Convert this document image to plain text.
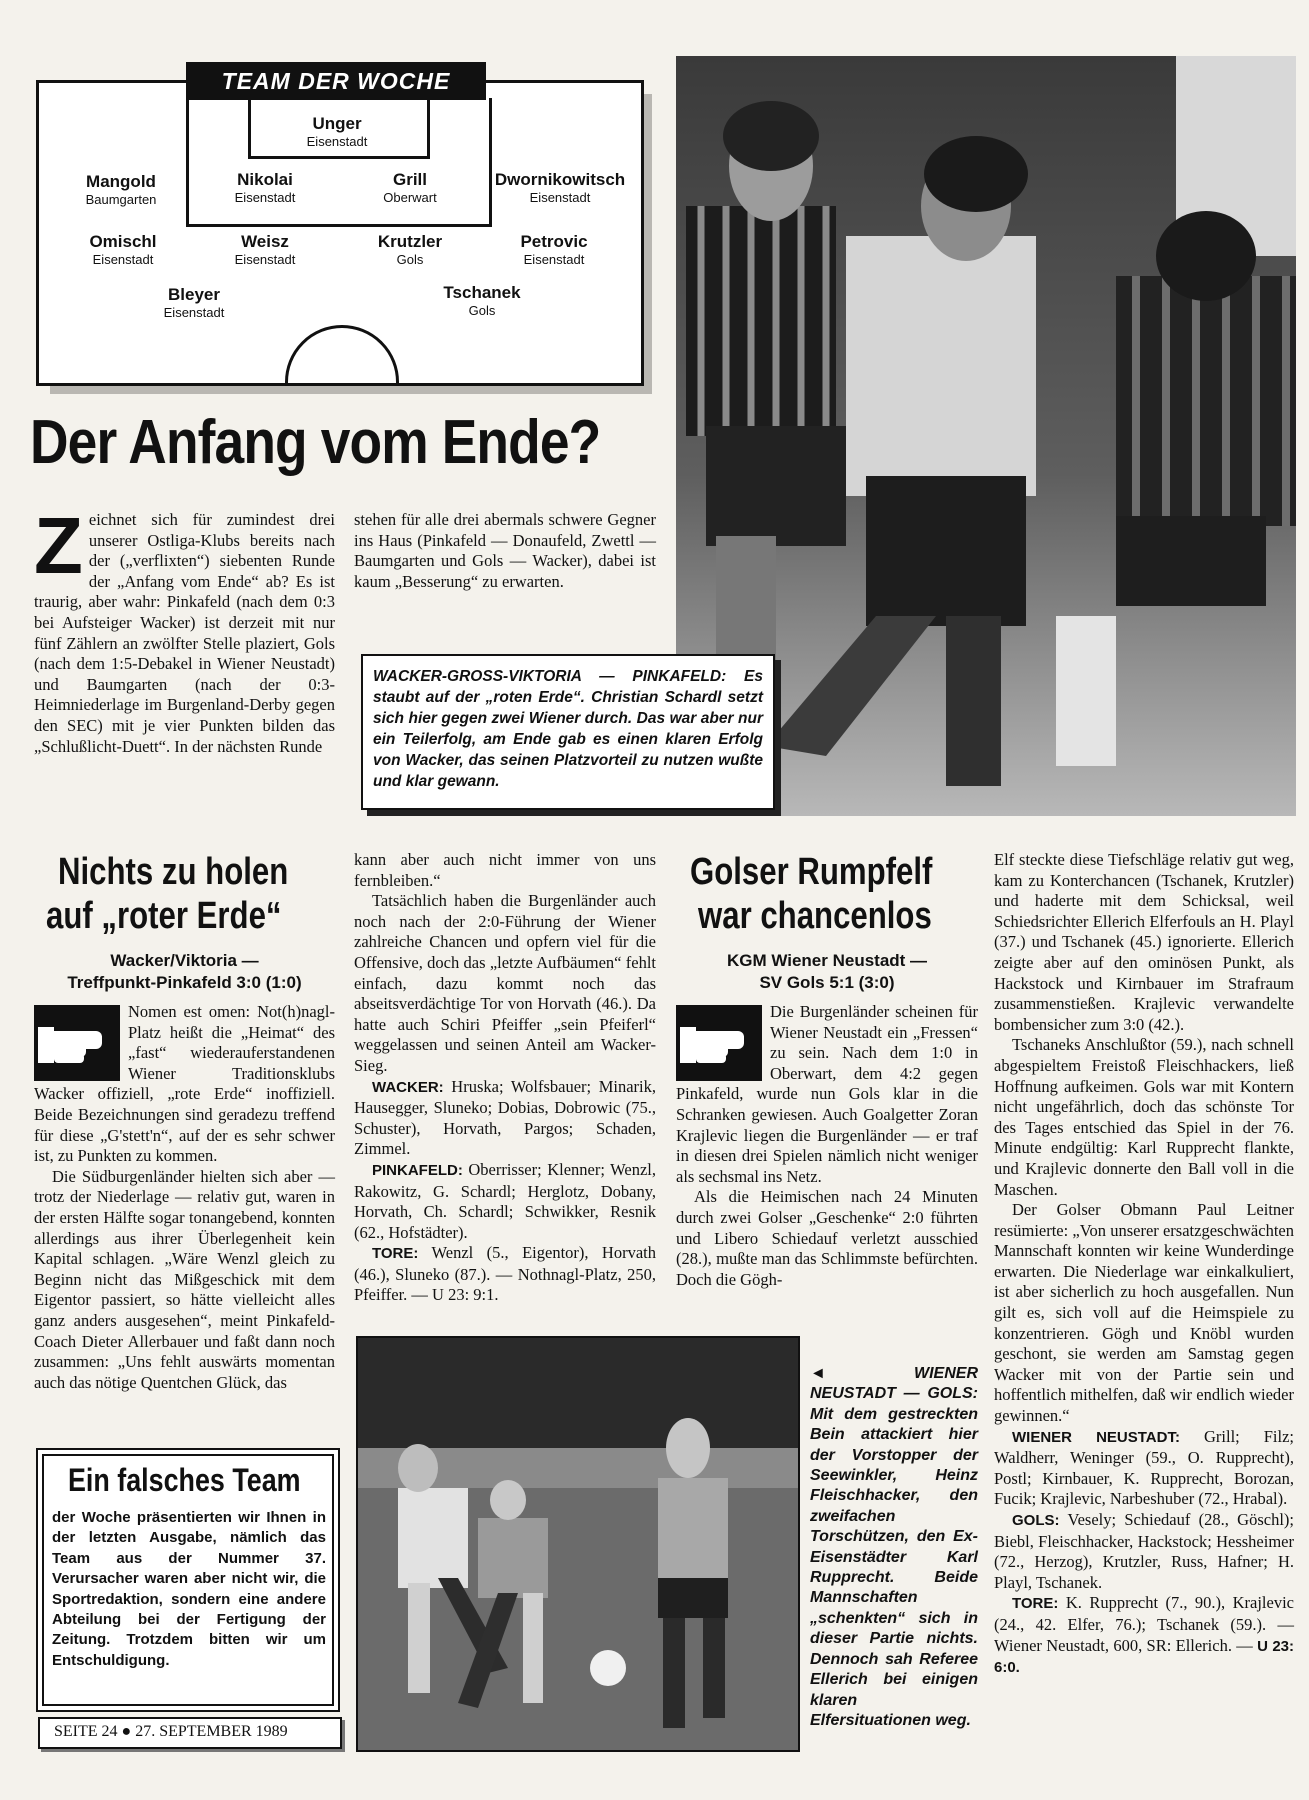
TEAM DER WOCHE
Unger
Eisenstadt
Mangold
Baumgarten
Nikolai
Eisenstadt
Grill
Oberwart
Dwornikowitsch
Eisenstadt
Omischl
Eisenstadt
Weisz
Eisenstadt
Krutzler
Gols
Petrovic
Eisenstadt
Bleyer
Eisenstadt
Tschanek
Gols
Der Anfang vom Ende?
Z eichnet sich für zumindest drei unserer Ostliga-Klubs bereits nach der („verflixten“) siebenten Runde der „Anfang vom Ende“ ab? Es ist traurig, aber wahr: Pinkafeld (nach dem 0:3 bei Aufsteiger Wacker) ist derzeit mit nur fünf Zählern an zwölfter Stelle plaziert, Gols (nach dem 1:5-Debakel in Wiener Neustadt) und Baumgarten (nach der 0:3-Heimniederlage im Burgenland-Derby gegen den SEC) mit je vier Punkten bilden das „Schlußlicht-Duett“. In der nächsten Runde
stehen für alle drei abermals schwere Gegner ins Haus (Pinkafeld — Donaufeld, Zwettl — Baumgarten und Gols — Wacker), dabei ist kaum „Besserung“ zu erwarten.
WACKER-GROSS-VIKTORIA — PINKAFELD: Es staubt auf der „roten Erde“. Christian Schardl setzt sich hier gegen zwei Wiener durch. Das war aber nur ein Teilerfolg, am Ende gab es einen klaren Erfolg von Wacker, das seinen Platzvorteil zu nutzen wußte und klar gewann.
Nichts zu holen
auf „roter Erde“
Wacker/Viktoria —
Treffpunkt-Pinkafeld 3:0 (1:0)

Nomen est omen: Not(h)nagl-Platz heißt die „Heimat“ des „fast“ wiederauferstandenen Wiener Traditionsklubs Wacker offiziell, „rote Erde“ inoffiziell. Beide Bezeichnungen sind geradezu treffend für diese „G'stett'n“, auf der es sehr schwer ist, zu Punkten zu kommen.

Die Südburgenländer hielten sich aber — trotz der Niederlage — relativ gut, waren in der ersten Hälfte sogar tonangebend, konnten allerdings aus ihrer Überlegenheit kein Kapital schlagen. „Wäre Wenzl gleich zu Beginn nicht das Mißgeschick mit dem Eigentor passiert, so hätte vielleicht alles ganz anders ausgesehen“, meint Pinkafeld-Coach Dieter Allerbauer und faßt dann noch zusammen: „Uns fehlt auswärts momentan auch das nötige Quentchen Glück, das

kann aber auch nicht immer von uns fernbleiben.“

Tatsächlich haben die Burgenländer auch noch nach der 2:0-Führung der Wiener zahlreiche Chancen und opfern viel für die Offensive, doch das „letzte Aufbäumen“ fehlt einfach, dazu kommt noch das abseitsverdächtige Tor von Horvath (46.). Da hatte auch Schiri Pfeiffer „sein Pfeiferl“ weggelassen und seinen Anteil am Wacker-Sieg.

WACKER: Hruska; Wolfsbauer; Minarik, Hausegger, Sluneko; Dobias, Dobrowic (75., Schuster), Horvath, Pargos; Schaden, Zimmel.

PINKAFELD: Oberrisser; Klenner; Wenzl, Rakowitz, G. Schardl; Herglotz, Dobany, Horvath, Ch. Schardl; Schwikker, Resnik (62., Hofstädter).

TORE: Wenzl (5., Eigentor), Horvath (46.), Sluneko (87.). — Nothnagl-Platz, 250, Pfeiffer. — U 23: 9:1.

Ein falsches Team
der Woche präsentierten wir Ihnen in der letzten Ausgabe, nämlich das Team aus der Nummer 37. Verursacher waren aber nicht wir, die Sportredaktion, sondern eine andere Abteilung bei der Fertigung der Zeitung. Trotzdem bitten wir um Entschuldigung.
SEITE 24 ● 27. SEPTEMBER 1989
Golser Rumpfelf
war chancenlos
KGM Wiener Neustadt —
SV Gols 5:1 (3:0)

Die Burgenländer scheinen für Wiener Neustadt ein „Fressen“ zu sein. Nach dem 1:0 in Oberwart, dem 4:2 gegen Pinkafeld, wurde nun Gols klar in die Schranken gewiesen. Auch Goalgetter Zoran Krajlevic liegen die Burgenländer — er traf in diesen drei Spielen nämlich nicht weniger als sechsmal ins Netz.

Als die Heimischen nach 24 Minuten durch zwei Golser „Geschenke“ 2:0 führten und Libero Schiedauf verletzt ausschied (28.), mußte man das Schlimmste befürchten. Doch die Gögh-

Elf steckte diese Tiefschläge relativ gut weg, kam zu Konterchancen (Tschanek, Krutzler) und haderte mit dem Schicksal, weil Schiedsrichter Ellerich Elferfouls an H. Playl (37.) und Tschanek (45.) ignorierte. Ellerich zeigte aber auf den ominösen Punkt, als Hackstock und Kirnbauer im Strafraum zusammenstießen. Krajlevic verwandelte bombensicher zum 3:0 (42.).

Tschaneks Anschlußtor (59.), nach schnell abgespieltem Freistoß Fleischhackers, ließ Hoffnung aufkeimen. Gols war mit Kontern nicht ungefährlich, doch das schönste Tor des Tages entschied das Spiel in der 76. Minute endgültig: Karl Rupprecht flankte, und Krajlevic donnerte den Ball voll in die Maschen.

Der Golser Obmann Paul Leitner resümierte: „Von unserer ersatzgeschwächten Mannschaft konnten wir keine Wunderdinge erwarten. Die Niederlage war einkalkuliert, ist aber sicherlich zu hoch ausgefallen. Nun gilt es, sich voll auf die Heimspiele zu konzentrieren. Gögh und Knöbl wurden geschont, sie werden am Samstag gegen Wacker mit von der Partie sein und hoffentlich mithelfen, daß wir endlich wieder gewinnen.“

WIENER NEUSTADT: Grill; Filz; Waldherr, Weninger (59., O. Rupprecht), Postl; Kirnbauer, K. Rupprecht, Borozan, Fucik; Krajlevic, Narbeshuber (72., Hrabal).

GOLS: Vesely; Schiedauf (28., Göschl); Biebl, Fleischhacker, Hackstock; Hessheimer (72., Herzog), Krutzler, Russ, Hafner; H. Playl, Tschanek.

TORE: K. Rupprecht (7., 90.), Krajlevic (24., 42. Elfer, 76.); Tschanek (59.). — Wiener Neustadt, 600, SR: Ellerich. — U 23: 6:0.

◄ WIENER NEUSTADT — GOLS: Mit dem gestreckten Bein attackiert hier der Vorstopper der Seewinkler, Heinz Fleischhacker, den zweifachen Torschützen, den Ex-Eisenstädter Karl Rupprecht. Beide Mannschaften „schenkten“ sich in dieser Partie nichts. Dennoch sah Referee Ellerich bei einigen klaren Elfersituationen weg.
